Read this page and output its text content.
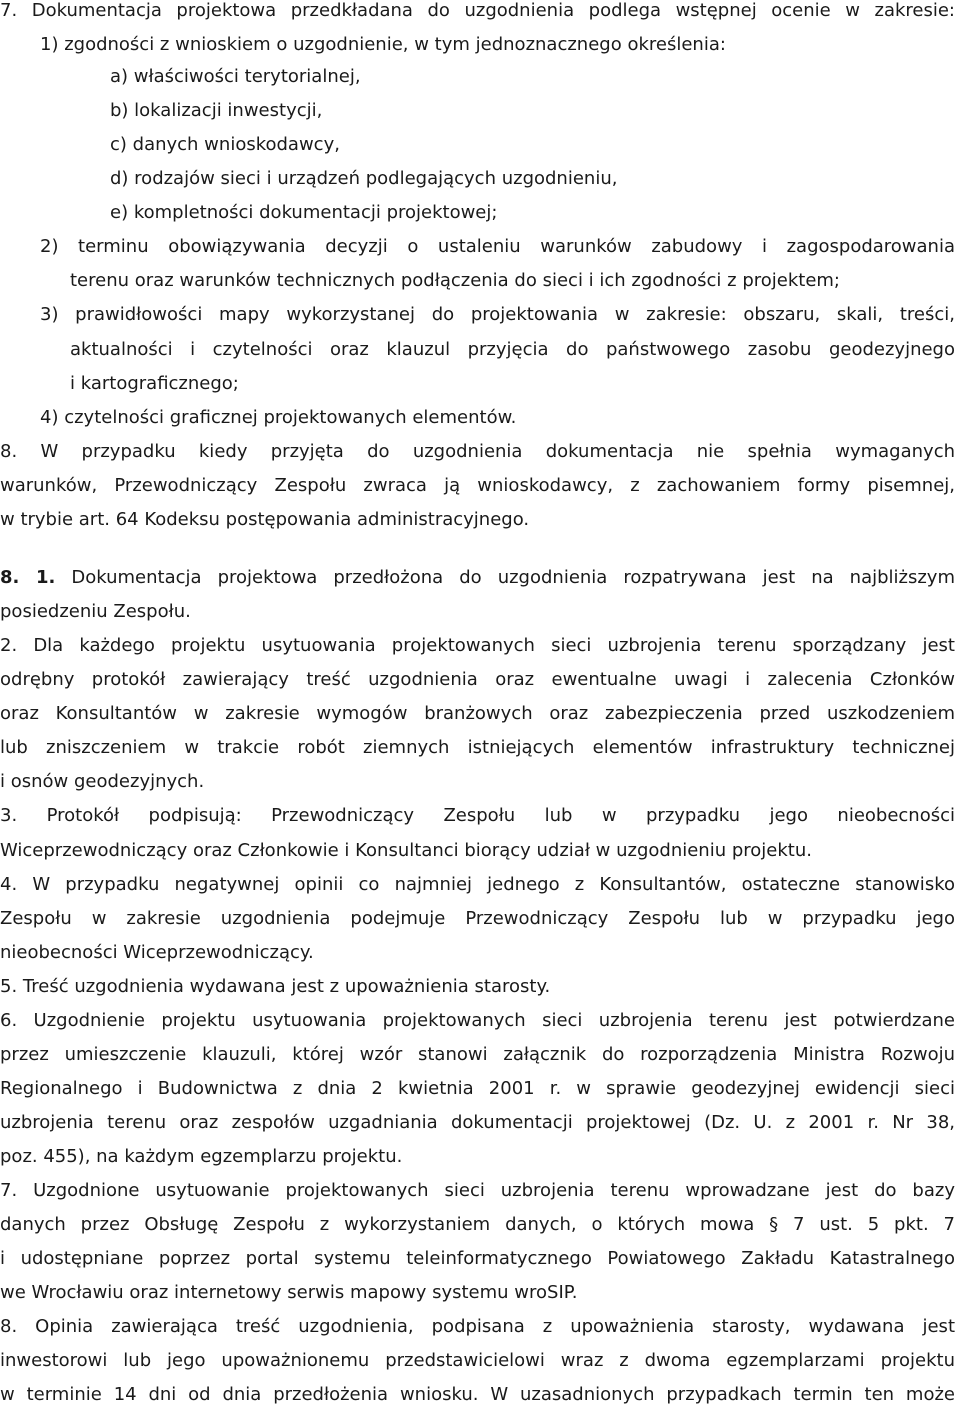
7. Dokumentacja projektowa przedkładana do uzgodnienia podlega wstępnej ocenie w zakresie:
1) zgodności z wnioskiem o uzgodnienie, w tym jednoznacznego określenia:
a) właściwości terytorialnej,
b) lokalizacji inwestycji,
c) danych wnioskodawcy,
d) rodzajów sieci i urządzeń podlegających uzgodnieniu,
e) kompletności dokumentacji projektowej;
2) terminu obowiązywania decyzji o ustaleniu warunków zabudowy i zagospodarowania
terenu oraz warunków technicznych podłączenia do sieci i ich zgodności z projektem;
3) prawidłowości mapy wykorzystanej do projektowania w zakresie: obszaru, skali, treści,
aktualności i czytelności oraz klauzul przyjęcia do państwowego zasobu geodezyjnego
i kartograficznego;
4) czytelności graficznej projektowanych elementów.
8. W przypadku kiedy przyjęta do uzgodnienia dokumentacja nie spełnia wymaganych
warunków, Przewodniczący Zespołu zwraca ją wnioskodawcy, z zachowaniem formy pisemnej,
w trybie art. 64 Kodeksu postępowania administracyjnego.
8. 1. Dokumentacja projektowa przedłożona do uzgodnienia rozpatrywana jest na najbliższym
posiedzeniu Zespołu.
2. Dla każdego projektu usytuowania projektowanych sieci uzbrojenia terenu sporządzany jest
odrębny protokół zawierający treść uzgodnienia oraz ewentualne uwagi i zalecenia Członków
oraz Konsultantów w zakresie wymogów branżowych oraz zabezpieczenia przed uszkodzeniem
lub zniszczeniem w trakcie robót ziemnych istniejących elementów infrastruktury technicznej
i osnów geodezyjnych.
3. Protokół podpisują: Przewodniczący Zespołu lub w przypadku jego nieobecności
Wiceprzewodniczący oraz Członkowie i Konsultanci biorący udział w uzgodnieniu projektu.
4. W przypadku negatywnej opinii co najmniej jednego z Konsultantów, ostateczne stanowisko
Zespołu w zakresie uzgodnienia podejmuje Przewodniczący Zespołu lub w przypadku jego
nieobecności Wiceprzewodniczący.
5. Treść uzgodnienia wydawana jest z upoważnienia starosty.
6. Uzgodnienie projektu usytuowania projektowanych sieci uzbrojenia terenu jest potwierdzane
przez umieszczenie klauzuli, której wzór stanowi załącznik do rozporządzenia Ministra Rozwoju
Regionalnego i Budownictwa z dnia 2 kwietnia 2001 r. w sprawie geodezyjnej ewidencji sieci
uzbrojenia terenu oraz zespołów uzgadniania dokumentacji projektowej (Dz. U. z 2001 r. Nr 38,
poz. 455), na każdym egzemplarzu projektu.
7. Uzgodnione usytuowanie projektowanych sieci uzbrojenia terenu wprowadzane jest do bazy
danych przez Obsługę Zespołu z wykorzystaniem danych, o których mowa § 7 ust. 5 pkt. 7
i udostępniane poprzez portal systemu teleinformatycznego Powiatowego Zakładu Katastralnego
we Wrocławiu oraz internetowy serwis mapowy systemu wroSIP.
8. Opinia zawierająca treść uzgodnienia, podpisana z upoważnienia starosty, wydawana jest
inwestorowi lub jego upoważnionemu przedstawicielowi wraz z dwoma egzemplarzami projektu
w terminie 14 dni od dnia przedłożenia wniosku. W uzasadnionych przypadkach termin ten może
